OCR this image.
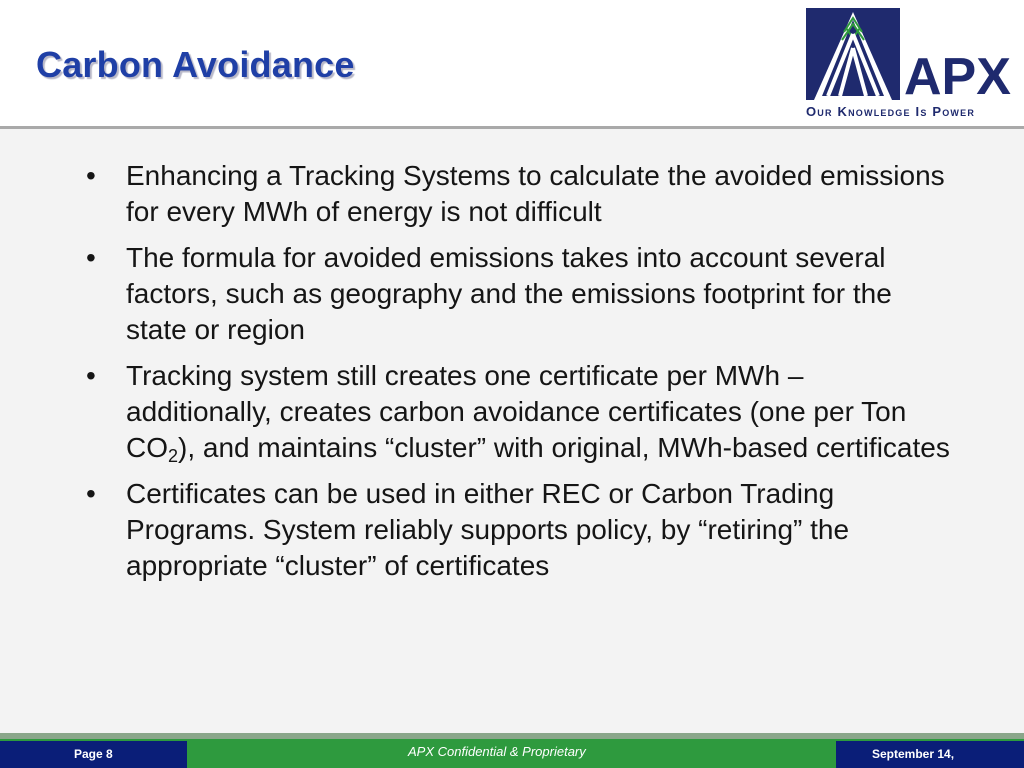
Carbon Avoidance	APX
Our Knowledge Is Power
• Enhancing a Tracking Systems to calculate the avoided emissions for every MWh of energy is not difficult
• The formula for avoided emissions takes into account several factors, such as geography and the emissions footprint for the state or region
• Tracking system still creates one certificate per MWh – additionally, creates carbon avoidance certificates (one per Ton $CO_2$), and maintains “cluster” with original, MWh-based certificates
• Certificates can be used in either REC or Carbon Trading Programs. System reliably supports policy, by “retiring” the appropriate “cluster” of certificates
Page 8	APX Confidential & Proprietary	September 14,
